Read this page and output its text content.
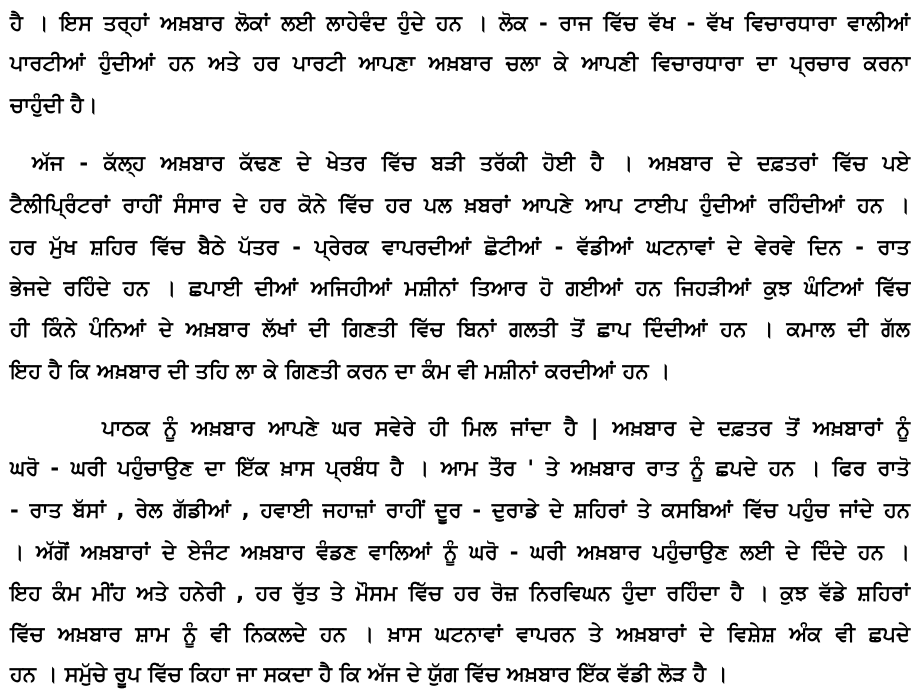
ਹੈ । ਇਸ ਤਰ੍ਹਾਂ ਅਖ਼ਬਾਰ ਲੋਕਾਂ ਲਈ ਲਾਹੇਵੰਦ ਹੁੰਦੇ ਹਨ । ਲੋਕ - ਰਾਜ ਵਿੱਚ ਵੱਖ - ਵੱਖ ਵਿਚਾਰਧਾਰਾ ਵਾਲੀਆਂ
ਪਾਰਟੀਆਂ ਹੁੰਦੀਆਂ ਹਨ ਅਤੇ ਹਰ ਪਾਰਟੀ ਆਪਣਾ ਅਖ਼ਬਾਰ ਚਲਾ ਕੇ ਆਪਣੀ ਵਿਚਾਰਧਾਰਾ ਦਾ ਪ੍ਰਚਾਰ ਕਰਨਾ
ਚਾਹੁੰਦੀ ਹੈ।
ਅੱਜ - ਕੱਲ੍ਹ ਅਖ਼ਬਾਰ ਕੱਢਣ ਦੇ ਖੇਤਰ ਵਿੱਚ ਬੜੀ ਤਰੱਕੀ ਹੋਈ ਹੈ । ਅਖ਼ਬਾਰ ਦੇ ਦਫ਼ਤਰਾਂ ਵਿੱਚ ਪਏ
ਟੈਲੀਪ੍ਰਿੰਟਰਾਂ ਰਾਹੀਂ ਸੰਸਾਰ ਦੇ ਹਰ ਕੋਨੇ ਵਿੱਚ ਹਰ ਪਲ ਖ਼ਬਰਾਂ ਆਪਣੇ ਆਪ ਟਾਈਪ ਹੁੰਦੀਆਂ ਰਹਿੰਦੀਆਂ ਹਨ ।
ਹਰ ਮੁੱਖ ਸ਼ਹਿਰ ਵਿੱਚ ਬੈਠੇ ਪੱਤਰ - ਪ੍ਰੇਰਕ ਵਾਪਰਦੀਆਂ ਛੋਟੀਆਂ - ਵੱਡੀਆਂ ਘਟਨਾਵਾਂ ਦੇ ਵੇਰਵੇ ਦਿਨ - ਰਾਤ
ਭੇਜਦੇ ਰਹਿੰਦੇ ਹਨ । ਛਪਾਈ ਦੀਆਂ ਅਜਿਹੀਆਂ ਮਸ਼ੀਨਾਂ ਤਿਆਰ ਹੋ ਗਈਆਂ ਹਨ ਜਿਹੜੀਆਂ ਕੁਝ ਘੰਟਿਆਂ ਵਿੱਚ
ਹੀ ਕਿੰਨੇ ਪੰਨਿਆਂ ਦੇ ਅਖ਼ਬਾਰ ਲੱਖਾਂ ਦੀ ਗਿਣਤੀ ਵਿੱਚ ਬਿਨਾਂ ਗਲਤੀ ਤੋਂ ਛਾਪ ਦਿੰਦੀਆਂ ਹਨ । ਕਮਾਲ ਦੀ ਗੱਲ
ਇਹ ਹੈ ਕਿ ਅਖ਼ਬਾਰ ਦੀ ਤਹਿ ਲਾ ਕੇ ਗਿਣਤੀ ਕਰਨ ਦਾ ਕੰਮ ਵੀ ਮਸ਼ੀਨਾਂ ਕਰਦੀਆਂ ਹਨ ।
ਪਾਠਕ ਨੂੰ ਅਖ਼ਬਾਰ ਆਪਣੇ ਘਰ ਸਵੇਰੇ ਹੀ ਮਿਲ ਜਾਂਦਾ ਹੈ | ਅਖ਼ਬਾਰ ਦੇ ਦਫ਼ਤਰ ਤੋਂ ਅਖ਼ਬਾਰਾਂ ਨੂੰ
ਘਰੋ - ਘਰੀ ਪਹੁੰਚਾਉਣ ਦਾ ਇੱਕ ਖ਼ਾਸ ਪ੍ਰਬੰਧ ਹੈ । ਆਮ ਤੌਰ ' ਤੇ ਅਖ਼ਬਾਰ ਰਾਤ ਨੂੰ ਛਪਦੇ ਹਨ । ਫਿਰ ਰਾਤੋ
- ਰਾਤ ਬੱਸਾਂ , ਰੇਲ ਗੱਡੀਆਂ , ਹਵਾਈ ਜਹਾਜ਼ਾਂ ਰਾਹੀਂ ਦੂਰ - ਦੁਰਾਡੇ ਦੇ ਸ਼ਹਿਰਾਂ ਤੇ ਕਸਬਿਆਂ ਵਿੱਚ ਪਹੁੰਚ ਜਾਂਦੇ ਹਨ
। ਅੱਗੋਂ ਅਖ਼ਬਾਰਾਂ ਦੇ ਏਜੰਟ ਅਖ਼ਬਾਰ ਵੰਡਣ ਵਾਲਿਆਂ ਨੂੰ ਘਰੋ - ਘਰੀ ਅਖ਼ਬਾਰ ਪਹੁੰਚਾਉਣ ਲਈ ਦੇ ਦਿੰਦੇ ਹਨ ।
ਇਹ ਕੰਮ ਮੀਂਹ ਅਤੇ ਹਨੇਰੀ , ਹਰ ਰੁੱਤ ਤੇ ਮੌਸਮ ਵਿੱਚ ਹਰ ਰੋਜ਼ ਨਿਰਵਿਘਨ ਹੁੰਦਾ ਰਹਿੰਦਾ ਹੈ । ਕੁਝ ਵੱਡੇ ਸ਼ਹਿਰਾਂ
ਵਿੱਚ ਅਖ਼ਬਾਰ ਸ਼ਾਮ ਨੂੰ ਵੀ ਨਿਕਲਦੇ ਹਨ । ਖ਼ਾਸ ਘਟਨਾਵਾਂ ਵਾਪਰਨ ਤੇ ਅਖ਼ਬਾਰਾਂ ਦੇ ਵਿਸ਼ੇਸ਼ ਅੰਕ ਵੀ ਛਪਦੇ
ਹਨ । ਸਮੁੱਚੇ ਰੂਪ ਵਿੱਚ ਕਿਹਾ ਜਾ ਸਕਦਾ ਹੈ ਕਿ ਅੱਜ ਦੇ ਯੁੱਗ ਵਿੱਚ ਅਖ਼ਬਾਰ ਇੱਕ ਵੱਡੀ ਲੋੜ ਹੈ ।
